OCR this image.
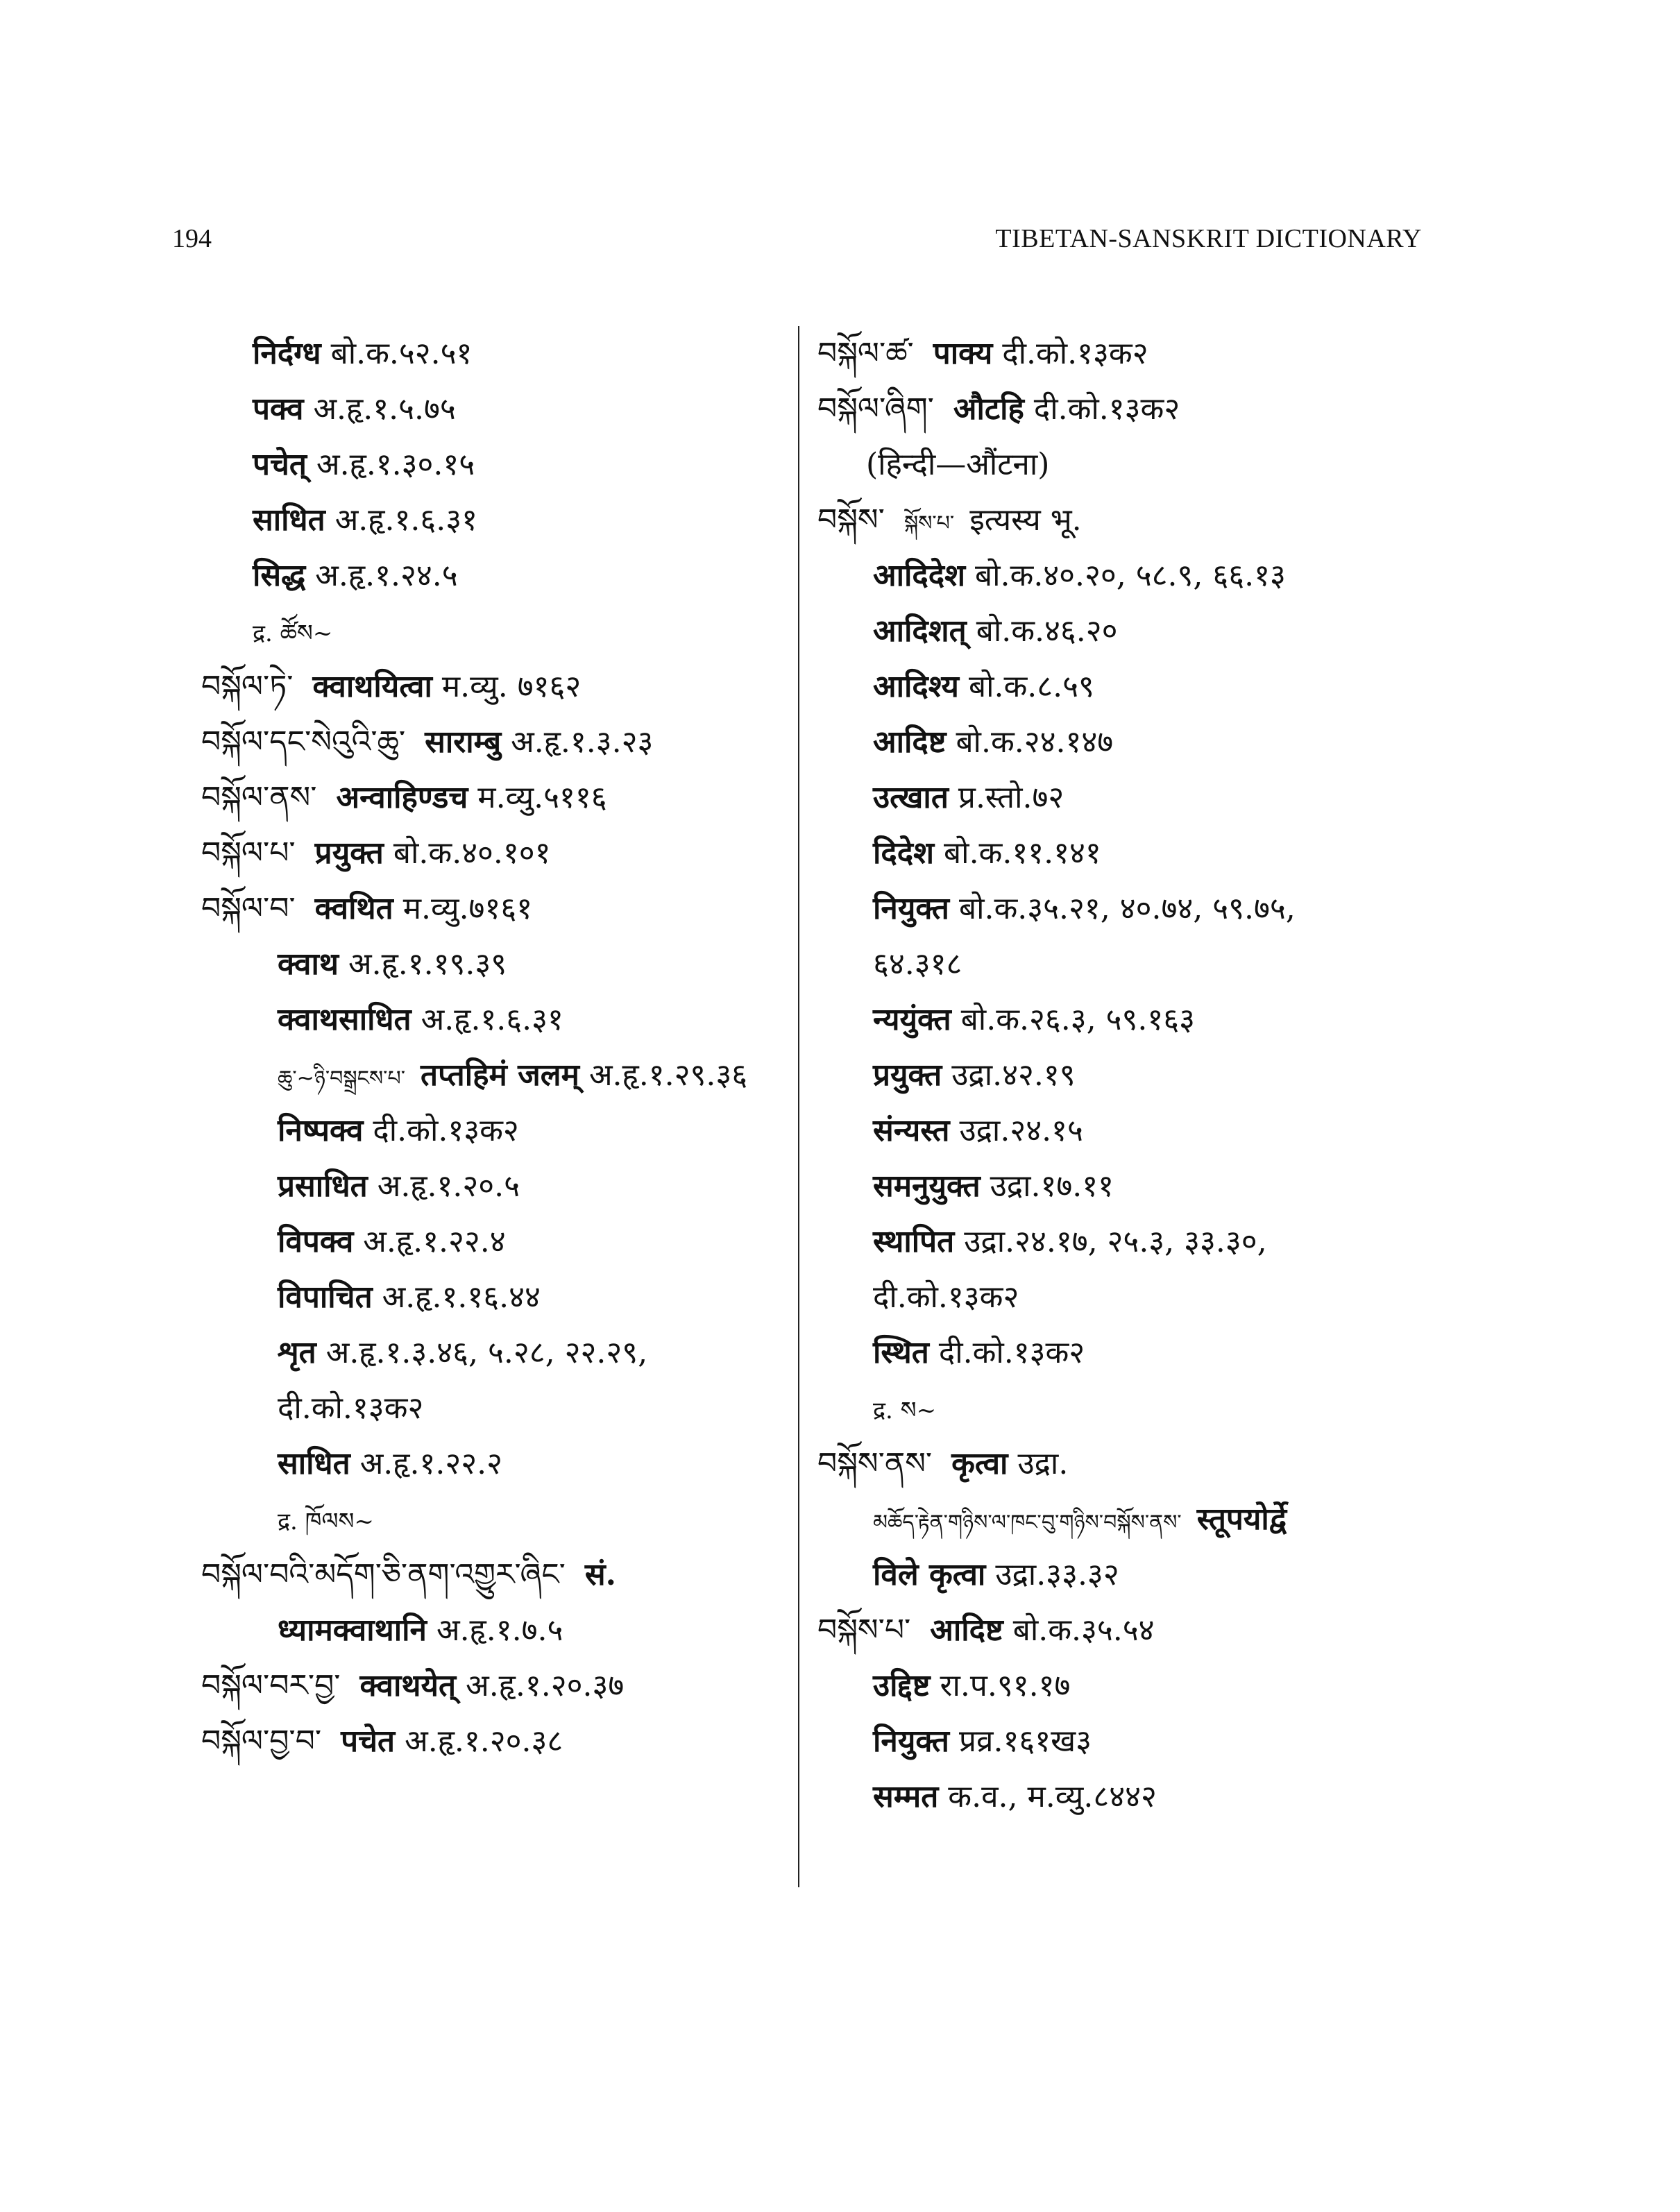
194	TIBETAN-SANSKRIT DICTIONARY
निर्दग्ध बो.क.५२.५१
पक्व अ.हृ.१.५.७५
पचेत् अ.हृ.१.३०.१५
साधित अ.हृ.१.६.३१
सिद्ध अ.हृ.१.२४.५
द्र. ཚོས~
བསྐོལ་ཏེ་ क्वाथयित्वा म.व्यु. ७१६२
བསྐོལ་དང་སེའུའི་ཆུ་ साराम्बु अ.हृ.१.३.२३
བསྐོལ་ནས་ अन्वाहिण्डच म.व्यु.५११६
བསྐོལ་པ་ प्रयुक्त बो.क.४०.१०१
བསྐོལ་བ་ क्वथित म.व्यु.७१६१
क्वाथ अ.हृ.१.१९.३९
क्वाथसाधित अ.हृ.१.६.३१
ཆུ་~ཉི་བསྒྲངས་པ་ तप्तहिमं जलम् अ.हृ.१.२९.३६
निष्पक्व दी.को.१३क२
प्रसाधित अ.हृ.१.२०.५
विपक्व अ.हृ.१.२२.४
विपाचित अ.हृ.१.१६.४४
शृत अ.हृ.१.३.४६, ५.२८, २२.२९,
दी.को.१३क२
साधित अ.हृ.१.२२.२
द्र. ཁོལས~
བསྐོལ་བའི་མདོག་ཅི་ནག་འགྱུར་ཞིང་ सं.
ध्यामक्वाथानि अ.हृ.१.७.५
བསྐོལ་བར་བྱ་ क्वाथयेत् अ.हृ.१.२०.३७
བསྐོལ་བྱ་བ་ पचेत अ.हृ.१.२०.३८
བསྐོལ་ཚ་ पाक्य दी.को.१३क२
བསྐོལ་ཞིག་ औटहि दी.को.१३क२
(हिन्दी—औंटना)
བསྐོས་ སྐོས་པ་ इत्यस्य भू.
आदिदेश बो.क.४०.२०, ५८.९, ६६.१३
आदिशत् बो.क.४६.२०
आदिश्य बो.क.८.५९
आदिष्ट बो.क.२४.१४७
उत्खात प्र.स्तो.७२
दिदेश बो.क.११.१४१
नियुक्त बो.क.३५.२१, ४०.७४, ५९.७५,
६४.३१८
न्ययुंक्त बो.क.२६.३, ५९.१६३
प्रयुक्त उद्रा.४२.१९
संन्यस्त उद्रा.२४.१५
समनुयुक्त उद्रा.१७.११
स्थापित उद्रा.२४.१७, २५.३, ३३.३०,
दी.को.१३क२
स्थित दी.को.१३क२
द्र. ས~
བསྐོས་ནས་ कृत्वा उद्रा.
མཆོད་རྟེན་གཉིས་ལ་ཁང་བུ་གཉིས་བསྐོས་ནས་ स्तूपयोर्द्वे
विले कृत्वा उद्रा.३३.३२
བསྐོས་པ་ आदिष्ट बो.क.३५.५४
उद्दिष्ट रा.प.९१.१७
नियुक्त प्रव्र.१६१ख३
सम्मत क.व., म.व्यु.८४४२
